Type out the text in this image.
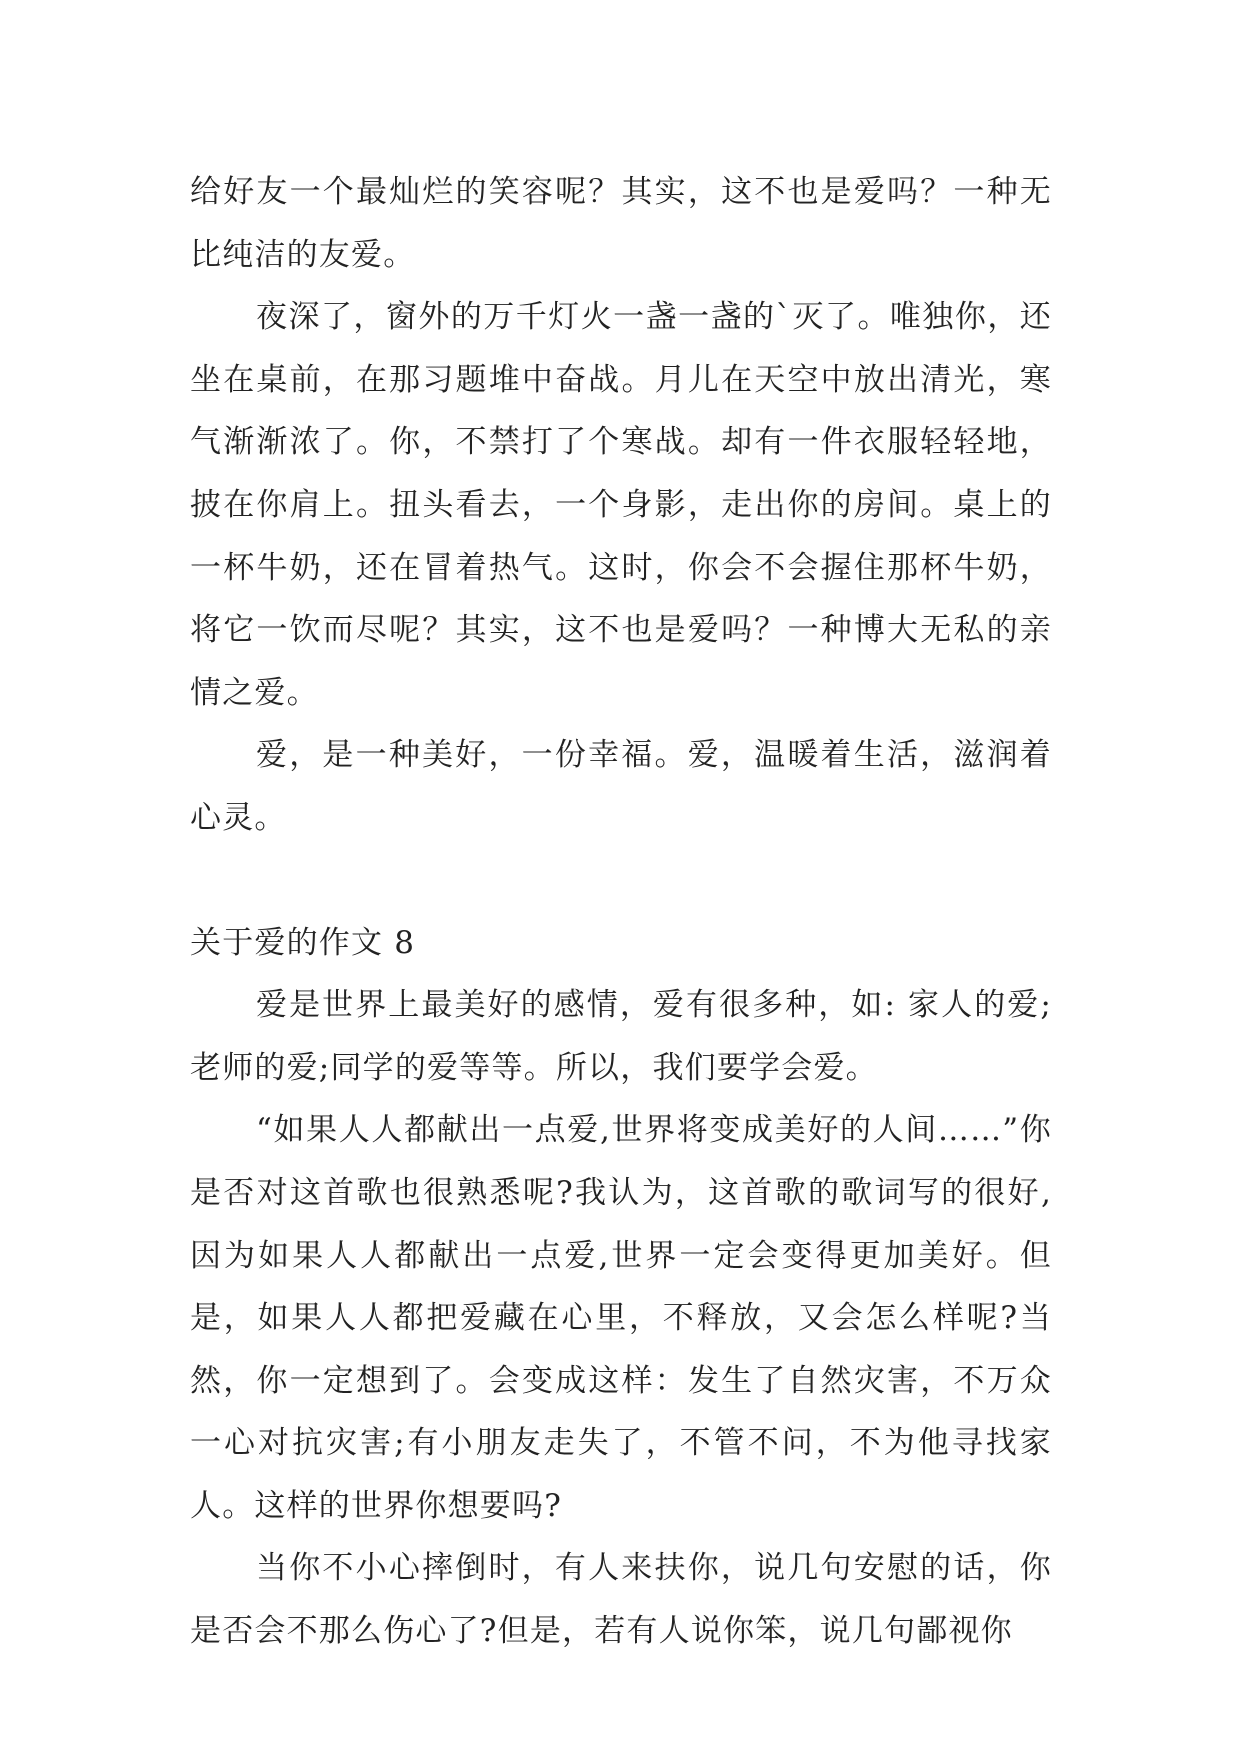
给好友一个最灿烂的笑容呢？其实，这不也是爱吗？一种无比纯洁的友爱。

夜深了，窗外的万千灯火一盏一盏的`灭了。唯独你，还坐在桌前，在那习题堆中奋战。月儿在天空中放出清光，寒气渐渐浓了。你，不禁打了个寒战。却有一件衣服轻轻地，披在你肩上。扭头看去，一个身影，走出你的房间。桌上的一杯牛奶，还在冒着热气。这时，你会不会握住那杯牛奶，将它一饮而尽呢？其实，这不也是爱吗？一种博大无私的亲情之爱。

爱，是一种美好，一份幸福。爱，温暖着生活，滋润着心灵。

关于爱的作文 8

爱是世界上最美好的感情，爱有很多种，如: 家人的爱;老师的爱;同学的爱等等。所以，我们要学会爱。

“如果人人都献出一点爱,世界将变成美好的人间……”你是否对这首歌也很熟悉呢?我认为，这首歌的歌词写的很好,因为如果人人都献出一点爱,世界一定会变得更加美好。但是，如果人人都把爱藏在心里，不释放，又会怎么样呢?当然，你一定想到了。会变成这样：发生了自然灾害，不万众一心对抗灾害;有小朋友走失了，不管不问，不为他寻找家人。这样的世界你想要吗?

当你不小心摔倒时，有人来扶你，说几句安慰的话，你是否会不那么伤心了?但是，若有人说你笨，说几句鄙视你
